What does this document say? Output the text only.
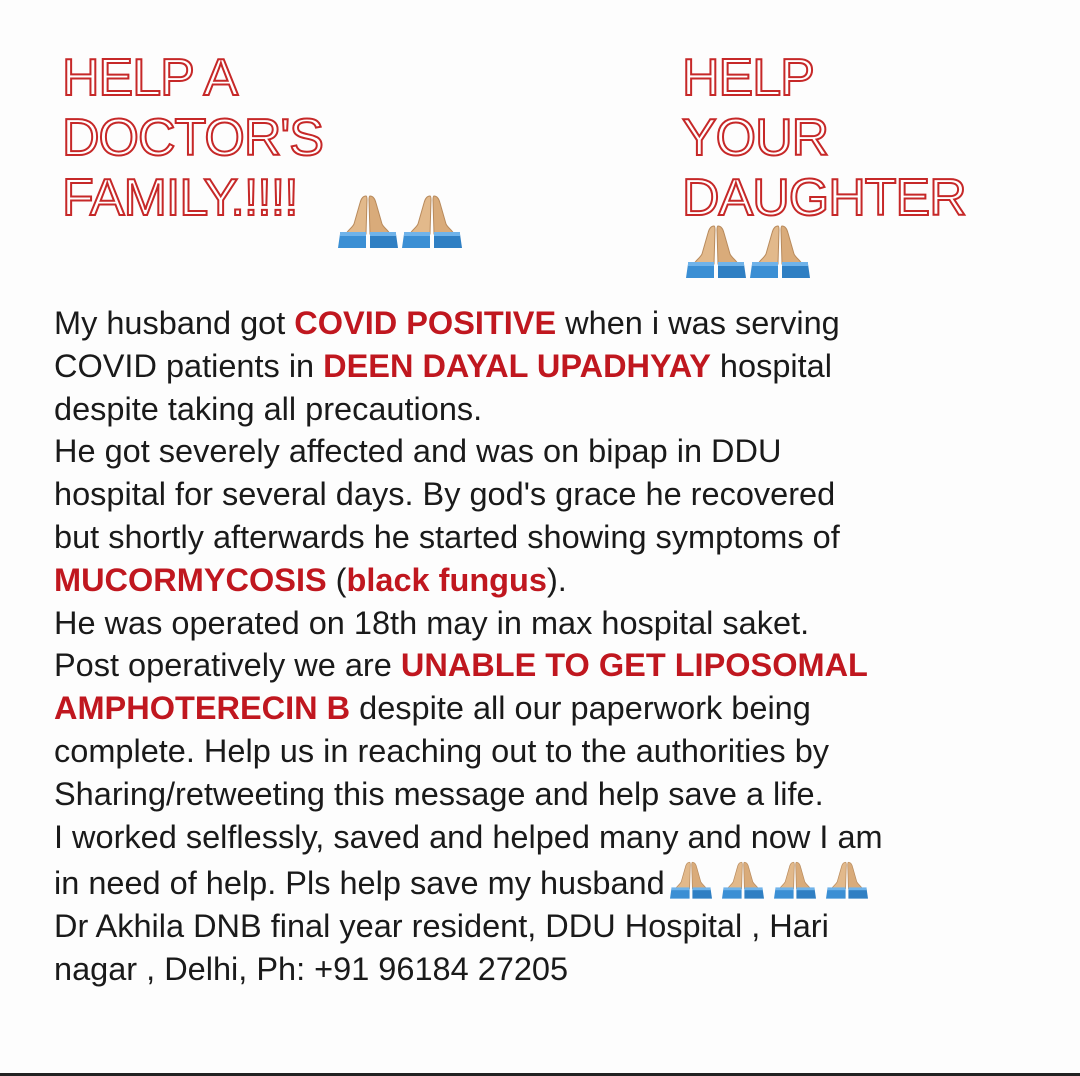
HELP A
DOCTOR'S
FAMILY.!!!!
HELP
YOUR
DAUGHTER
My husband got COVID POSITIVE when i was serving
COVID patients in DEEN DAYAL UPADHYAY hospital
despite taking all precautions.
He got severely affected and was on bipap in DDU
hospital for several days. By god's grace he recovered
but shortly afterwards he started showing symptoms of
MUCORMYCOSIS (black fungus).
He was operated on 18th may in max hospital saket.
Post operatively we are UNABLE TO GET LIPOSOMAL
AMPHOTERECIN B despite all our paperwork being
complete. Help us in reaching out to the authorities by
Sharing/retweeting this message and help save a life.
I worked selflessly, saved and helped many and now I am
in need of help. Pls help save my husband
Dr Akhila DNB final year resident, DDU Hospital , Hari
nagar , Delhi, Ph: +91 96184 27205
